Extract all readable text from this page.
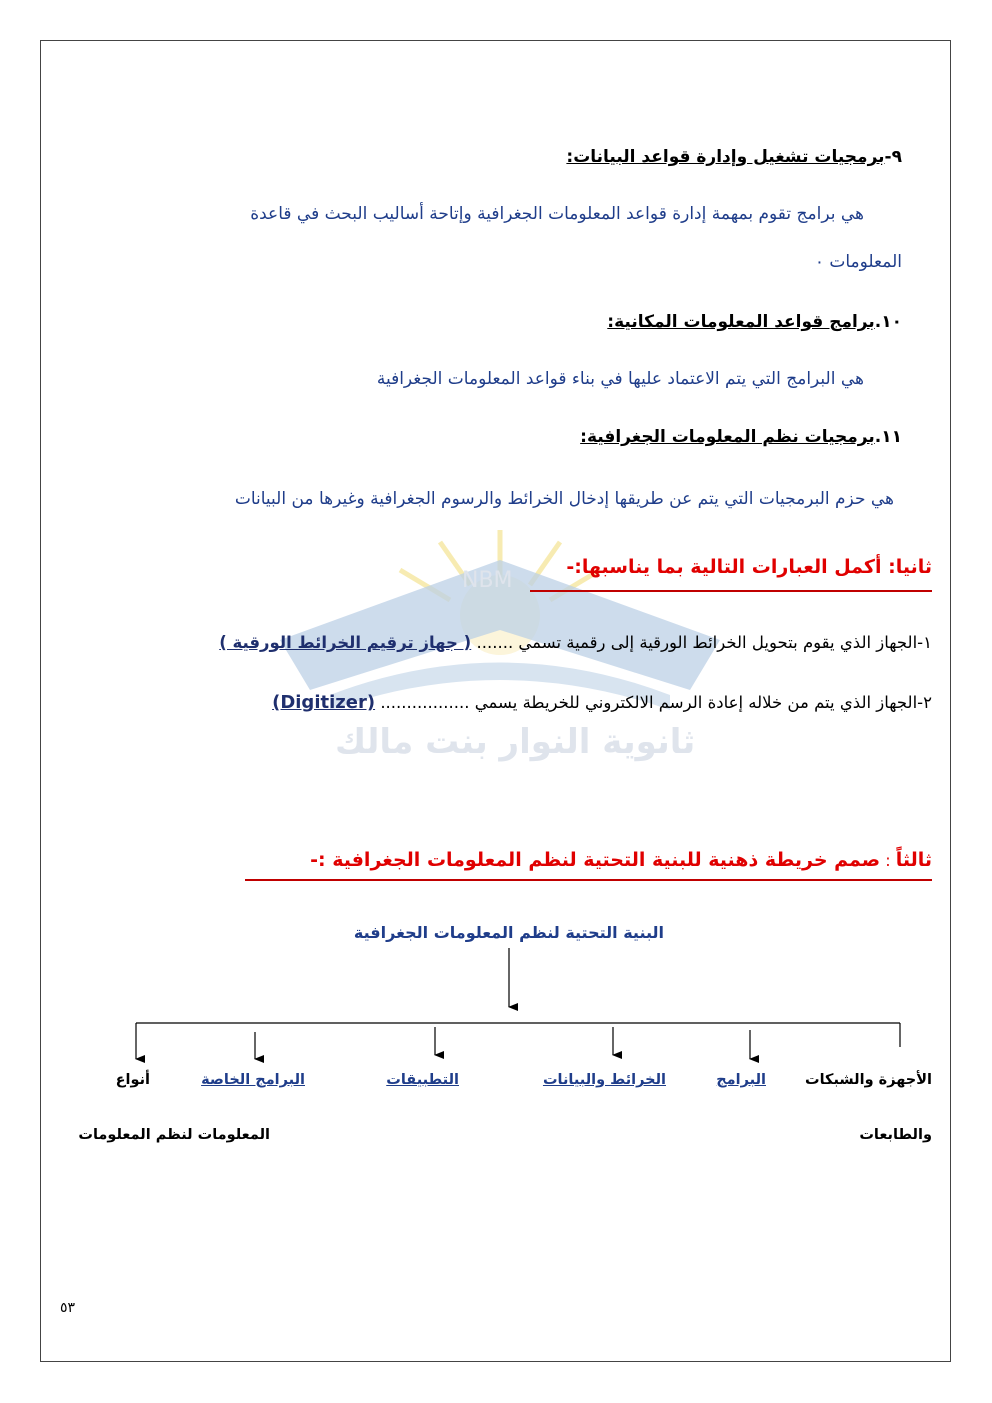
NBM
ثانوية النوار بنت مالك
٩-برمجيات تشغيل وإدارة قواعد البيانات:
هي برامج تقوم بمهمة إدارة قواعد المعلومات الجغرافية وإتاحة أساليب البحث في قاعدة
المعلومات ٠
١٠.برامج قواعد المعلومات المكانية:
هي البرامج التي يتم الاعتماد عليها في بناء قواعد المعلومات الجغرافية
١١.برمجيات نظم المعلومات الجغرافية:
هي حزم البرمجيات التي يتم عن طريقها إدخال الخرائط والرسوم الجغرافية وغيرها من البيانات
ثانيا: أكمل العبارات التالية بما يناسبها:-
١-الجهاز الذي يقوم بتحويل الخرائط الورقية إلى رقمية تسمي ....... ( جهاز ترقيم الخرائط الورقية )
٢-الجهاز الذي يتم من خلاله إعادة الرسم الالكتروني للخريطة يسمي ................. (Digitizer)
ثالثاً : صمم خريطة ذهنية للبنية التحتية لنظم المعلومات الجغرافية :-
البنية التحتية لنظم المعلومات الجغرافية
الأجهزة والشبكات
والطابعات
البرامج
الخرائط والبيانات
التطبيقات
البرامج الخاصة
أنواع
المعلومات لنظم المعلومات
٥٣
